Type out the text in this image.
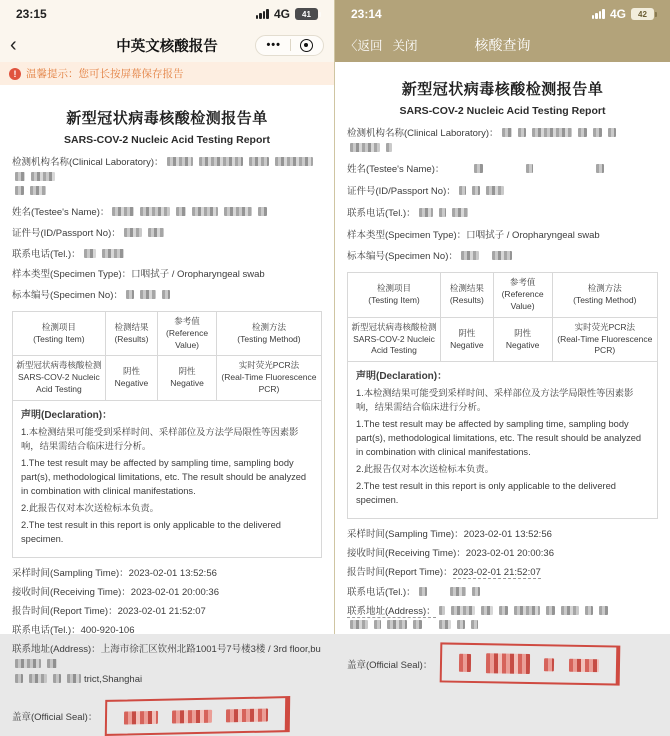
23:15	4G 41
‹	中英文核酸报告	•••
! 温馨提示：您可长按屏幕保存报告
新型冠状病毒核酸检测报告单
SARS-COV-2 Nucleic Acid Testing Report
检测机构名称(Clinical Laboratory)：

姓名(Testee's Name)：
证件号(ID/Passport No)：
联系电话(Tel.)：
样本类型(Specimen Type)：口咽拭子 / Oropharyngeal swab
标本编号(Specimen No)：
检测项目
(Testing Item)	检测结果
(Results)	参考值
(Reference Value)	检测方法
(Testing Method)

新型冠状病毒核酸检测
SARS-COV-2 Nucleic Acid Testing	阴性
Negative	阴性
Negative	实时荧光PCR法
(Real-Time Fluorescence PCR)
声明(Declaration)：

1.本检测结果可能受到采样时间、采样部位及方法学局限性等因素影响，结果需结合临床进行分析。

1.The test result may be affected by sampling time, sampling body part(s), methodological limitations, etc. The result should be analyzed in combination with clinical manifestations.

2.此报告仅对本次送检标本负责。

2.The test result in this report is only applicable to the delivered specimen.

采样时间(Sampling Time)：2023-02-01 13:52:56
接收时间(Receiving Time)：2023-02-01 20:00:36
报告时间(Report Time)：2023-02-01 21:52:07
联系电话(Tel.)：400-920-106
联系地址(Address)：上海市徐汇区钦州北路1001号7号楼3楼 / 3rd floor,bu
trict,Shanghai
盖章(Official Seal)：
23:14	4G 42
〈返回 关闭	核酸查询
新型冠状病毒核酸检测报告单
SARS-COV-2 Nucleic Acid Testing Report
检测机构名称(Clinical Laboratory)：

姓名(Testee's Name)：
证件号(ID/Passport No)：
联系电话(Tel.)：
样本类型(Specimen Type)：口咽拭子 / Oropharyngeal swab
标本编号(Specimen No)：
检测项目
(Testing Item)	检测结果
(Results)	参考值
(Reference Value)	检测方法
(Testing Method)

新型冠状病毒核酸检测
SARS-COV-2 Nucleic Acid Testing	阴性
Negative	阴性
Negative	实时荧光PCR法
(Real-Time Fluorescence PCR)
声明(Declaration)：

1.本检测结果可能受到采样时间、采样部位及方法学局限性等因素影响，结果需结合临床进行分析。

1.The test result may be affected by sampling time, sampling body part(s), methodological limitations, etc. The result should be analyzed in combination with clinical manifestations.

2.此报告仅对本次送检标本负责。

2.The test result in this report is only applicable to the delivered specimen.

采样时间(Sampling Time)：2023-02-01 13:52:56
接收时间(Receiving Time)：2023-02-01 20:00:36
报告时间(Report Time)：2023-02-01 21:52:07
联系电话(Tel.)：
联系地址(Address)：

盖章(Official Seal)：
